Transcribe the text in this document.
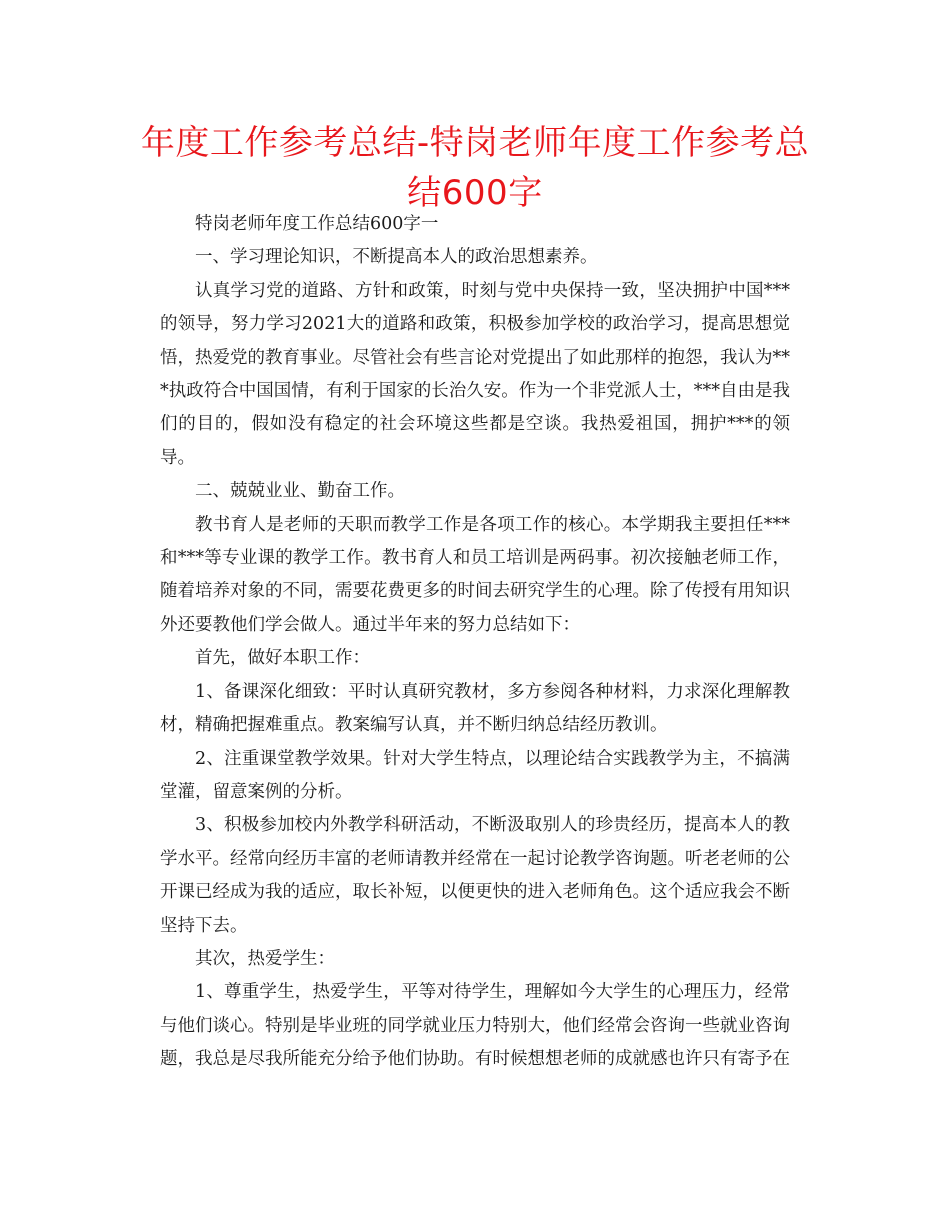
年度工作参考总结-特岗老师年度工作参考总结600字

特岗老师年度工作总结600字一

一、学习理论知识，不断提高本人的政治思想素养。

认真学习党的道路、方针和政策，时刻与党中央保持一致，坚决拥护中国***的领导，努力学习2021大的道路和政策，积极参加学校的政治学习，提高思想觉悟，热爱党的教育事业。尽管社会有些言论对党提出了如此那样的抱怨，我认为***执政符合中国国情，有利于国家的长治久安。作为一个非党派人士，***自由是我们的目的，假如没有稳定的社会环境这些都是空谈。我热爱祖国，拥护***的领导。

二、兢兢业业、勤奋工作。

教书育人是老师的天职而教学工作是各项工作的核心。本学期我主要担任***和***等专业课的教学工作。教书育人和员工培训是两码事。初次接触老师工作，随着培养对象的不同，需要花费更多的时间去研究学生的心理。除了传授有用知识外还要教他们学会做人。通过半年来的努力总结如下：

首先，做好本职工作：

1、备课深化细致：平时认真研究教材，多方参阅各种材料，力求深化理解教材，精确把握难重点。教案编写认真，并不断归纳总结经历教训。

2、注重课堂教学效果。针对大学生特点，以理论结合实践教学为主，不搞满堂灌，留意案例的分析。

3、积极参加校内外教学科研活动，不断汲取别人的珍贵经历，提高本人的教学水平。经常向经历丰富的老师请教并经常在一起讨论教学咨询题。听老老师的公开课已经成为我的适应，取长补短，以便更快的进入老师角色。这个适应我会不断坚持下去。

其次，热爱学生：

1、尊重学生，热爱学生，平等对待学生，理解如今大学生的心理压力，经常与他们谈心。特别是毕业班的同学就业压力特别大，他们经常会咨询一些就业咨询题，我总是尽我所能充分给予他们协助。有时候想想老师的成就感也许只有寄予在
